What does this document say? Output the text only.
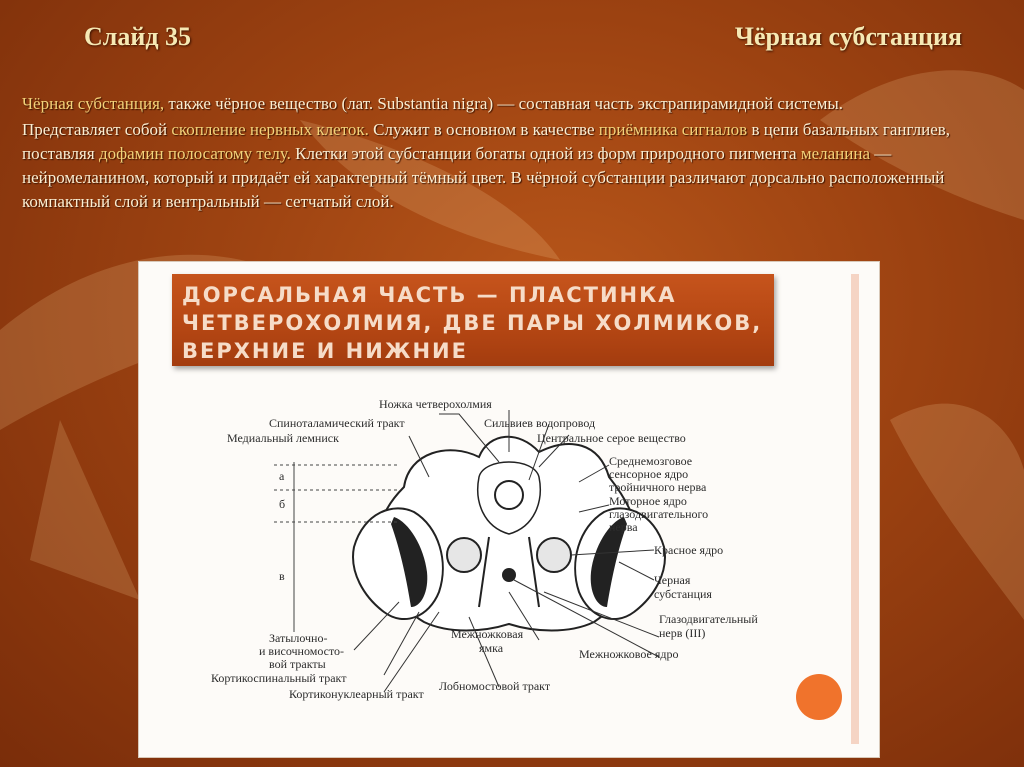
Слайд 35	Чёрная субстанция

Чёрная субстанция, также чёрное вещество (лат. Substantia nigra) — составная часть экстрапирамидной системы.

Представляет собой скопление нервных клеток. Служит в основном в качестве приёмника сигналов в цепи базальных ганглиев, поставляя дофамин полосатому телу. Клетки этой субстанции богаты одной из форм природного пигмента меланина — нейромеланином, который и придаёт ей характерный тёмный цвет. В чёрной субстанции различают дорсально расположенный компактный слой и вентральный — сетчатый слой.

ДОРСАЛЬНАЯ ЧАСТЬ — ПЛАСТИНКА
ЧЕТВЕРОХОЛМИЯ, ДВЕ ПАРЫ ХОЛМИКОВ,
ВЕРХНИЕ И НИЖНИЕ
а
б
в
Ножка четверохолмия
Спиноталамический тракт	Сильвиев водопровод
Медиальный лемниск	Центральное серое вещество
Среднемозговое
сенсорное ядро
тройничного нерва
Моторное ядро
глазодвигательного
нерва
Красное ядро
Черная
субстанция
Глазодвигательный
нерв (III)
Межножковое ядро
Межножковая
ямка
Затылочно-
и височномосто-
вой тракты
Кортикоспинальный тракт
Кортиконуклеарный тракт
Лобномостовой тракт
